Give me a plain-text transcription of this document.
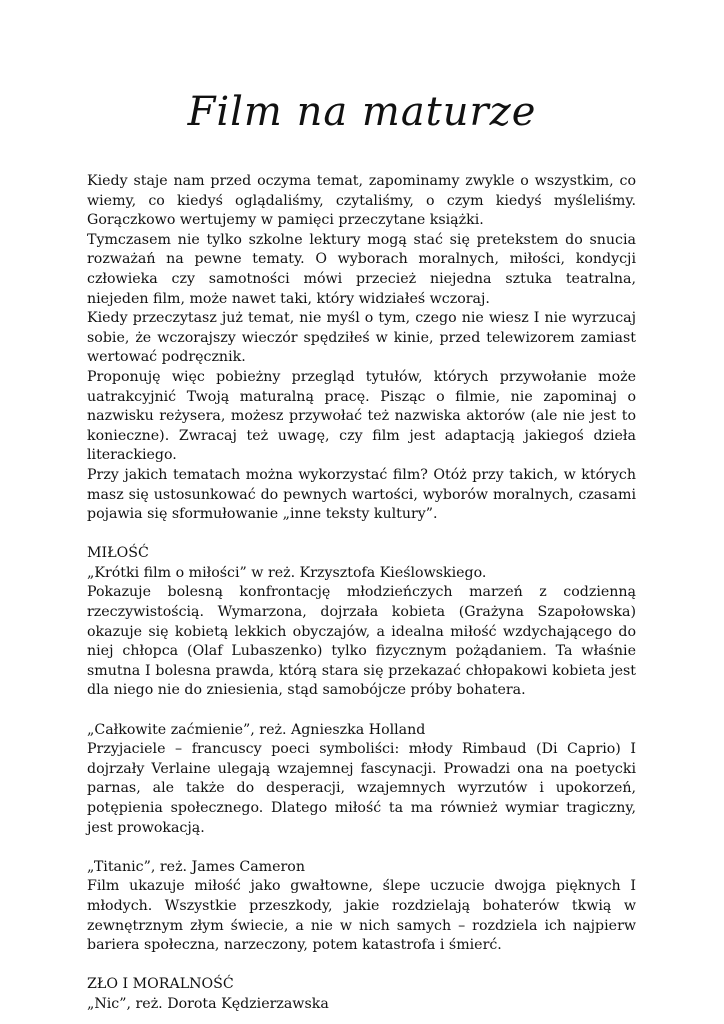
Film na maturze

Kiedy staje nam przed oczyma temat, zapominamy zwykle o wszystkim, co wiemy, co kiedyś oglądaliśmy, czytaliśmy, o czym kiedyś myśleliśmy. Gorączkowo wertujemy w pamięci przeczytane książki.

Tymczasem nie tylko szkolne lektury mogą stać się pretekstem do snucia rozważań na pewne tematy. O wyborach moralnych, miłości, kondycji człowieka czy samotności mówi przecież niejedna sztuka teatralna, niejeden film, może nawet taki, który widziałeś wczoraj.

Kiedy przeczytasz już temat, nie myśl o tym, czego nie wiesz I nie wyrzucaj sobie, że wczorajszy wieczór spędziłeś w kinie, przed telewizorem zamiast wertować podręcznik.

Proponuję więc pobieżny przegląd tytułów, których przywołanie może uatrakcyjnić Twoją maturalną pracę. Pisząc o filmie, nie zapominaj o nazwisku reżysera, możesz przywołać też nazwiska aktorów (ale nie jest to konieczne). Zwracaj też uwagę, czy film jest adaptacją jakiegoś dzieła literackiego.

Przy jakich tematach można wykorzystać film? Otóż przy takich, w których masz się ustosunkować do pewnych wartości, wyborów moralnych, czasami pojawia się sformułowanie „inne teksty kultury”.

MIŁOŚĆ

„Krótki film o miłości” w reż. Krzysztofa Kieślowskiego.

Pokazuje bolesną konfrontację młodzieńczych marzeń z codzienną rzeczywistością. Wymarzona, dojrzała kobieta (Grażyna Szapołowska) okazuje się kobietą lekkich obyczajów, a idealna miłość wzdychającego do niej chłopca (Olaf Lubaszenko) tylko fizycznym pożądaniem. Ta właśnie smutna I bolesna prawda, którą stara się przekazać chłopakowi kobieta jest dla niego nie do zniesienia, stąd samobójcze próby bohatera.

„Całkowite zaćmienie”, reż. Agnieszka Holland

Przyjaciele – francuscy poeci symboliści: młody Rimbaud (Di Caprio) I dojrzały Verlaine ulegają wzajemnej fascynacji. Prowadzi ona na poetycki parnas, ale także do desperacji, wzajemnych wyrzutów i upokorzeń, potępienia społecznego. Dlatego miłość ta ma również wymiar tragiczny, jest prowokacją.

„Titanic”, reż. James Cameron

Film ukazuje miłość jako gwałtowne, ślepe uczucie dwojga pięknych I młodych. Wszystkie przeszkody, jakie rozdzielają bohaterów tkwią w zewnętrznym złym świecie, a nie w nich samych – rozdziela ich najpierw bariera społeczna, narzeczony, potem katastrofa i śmierć.

ZŁO I MORALNOŚĆ

„Nic”, reż. Dorota Kędzierzawska
